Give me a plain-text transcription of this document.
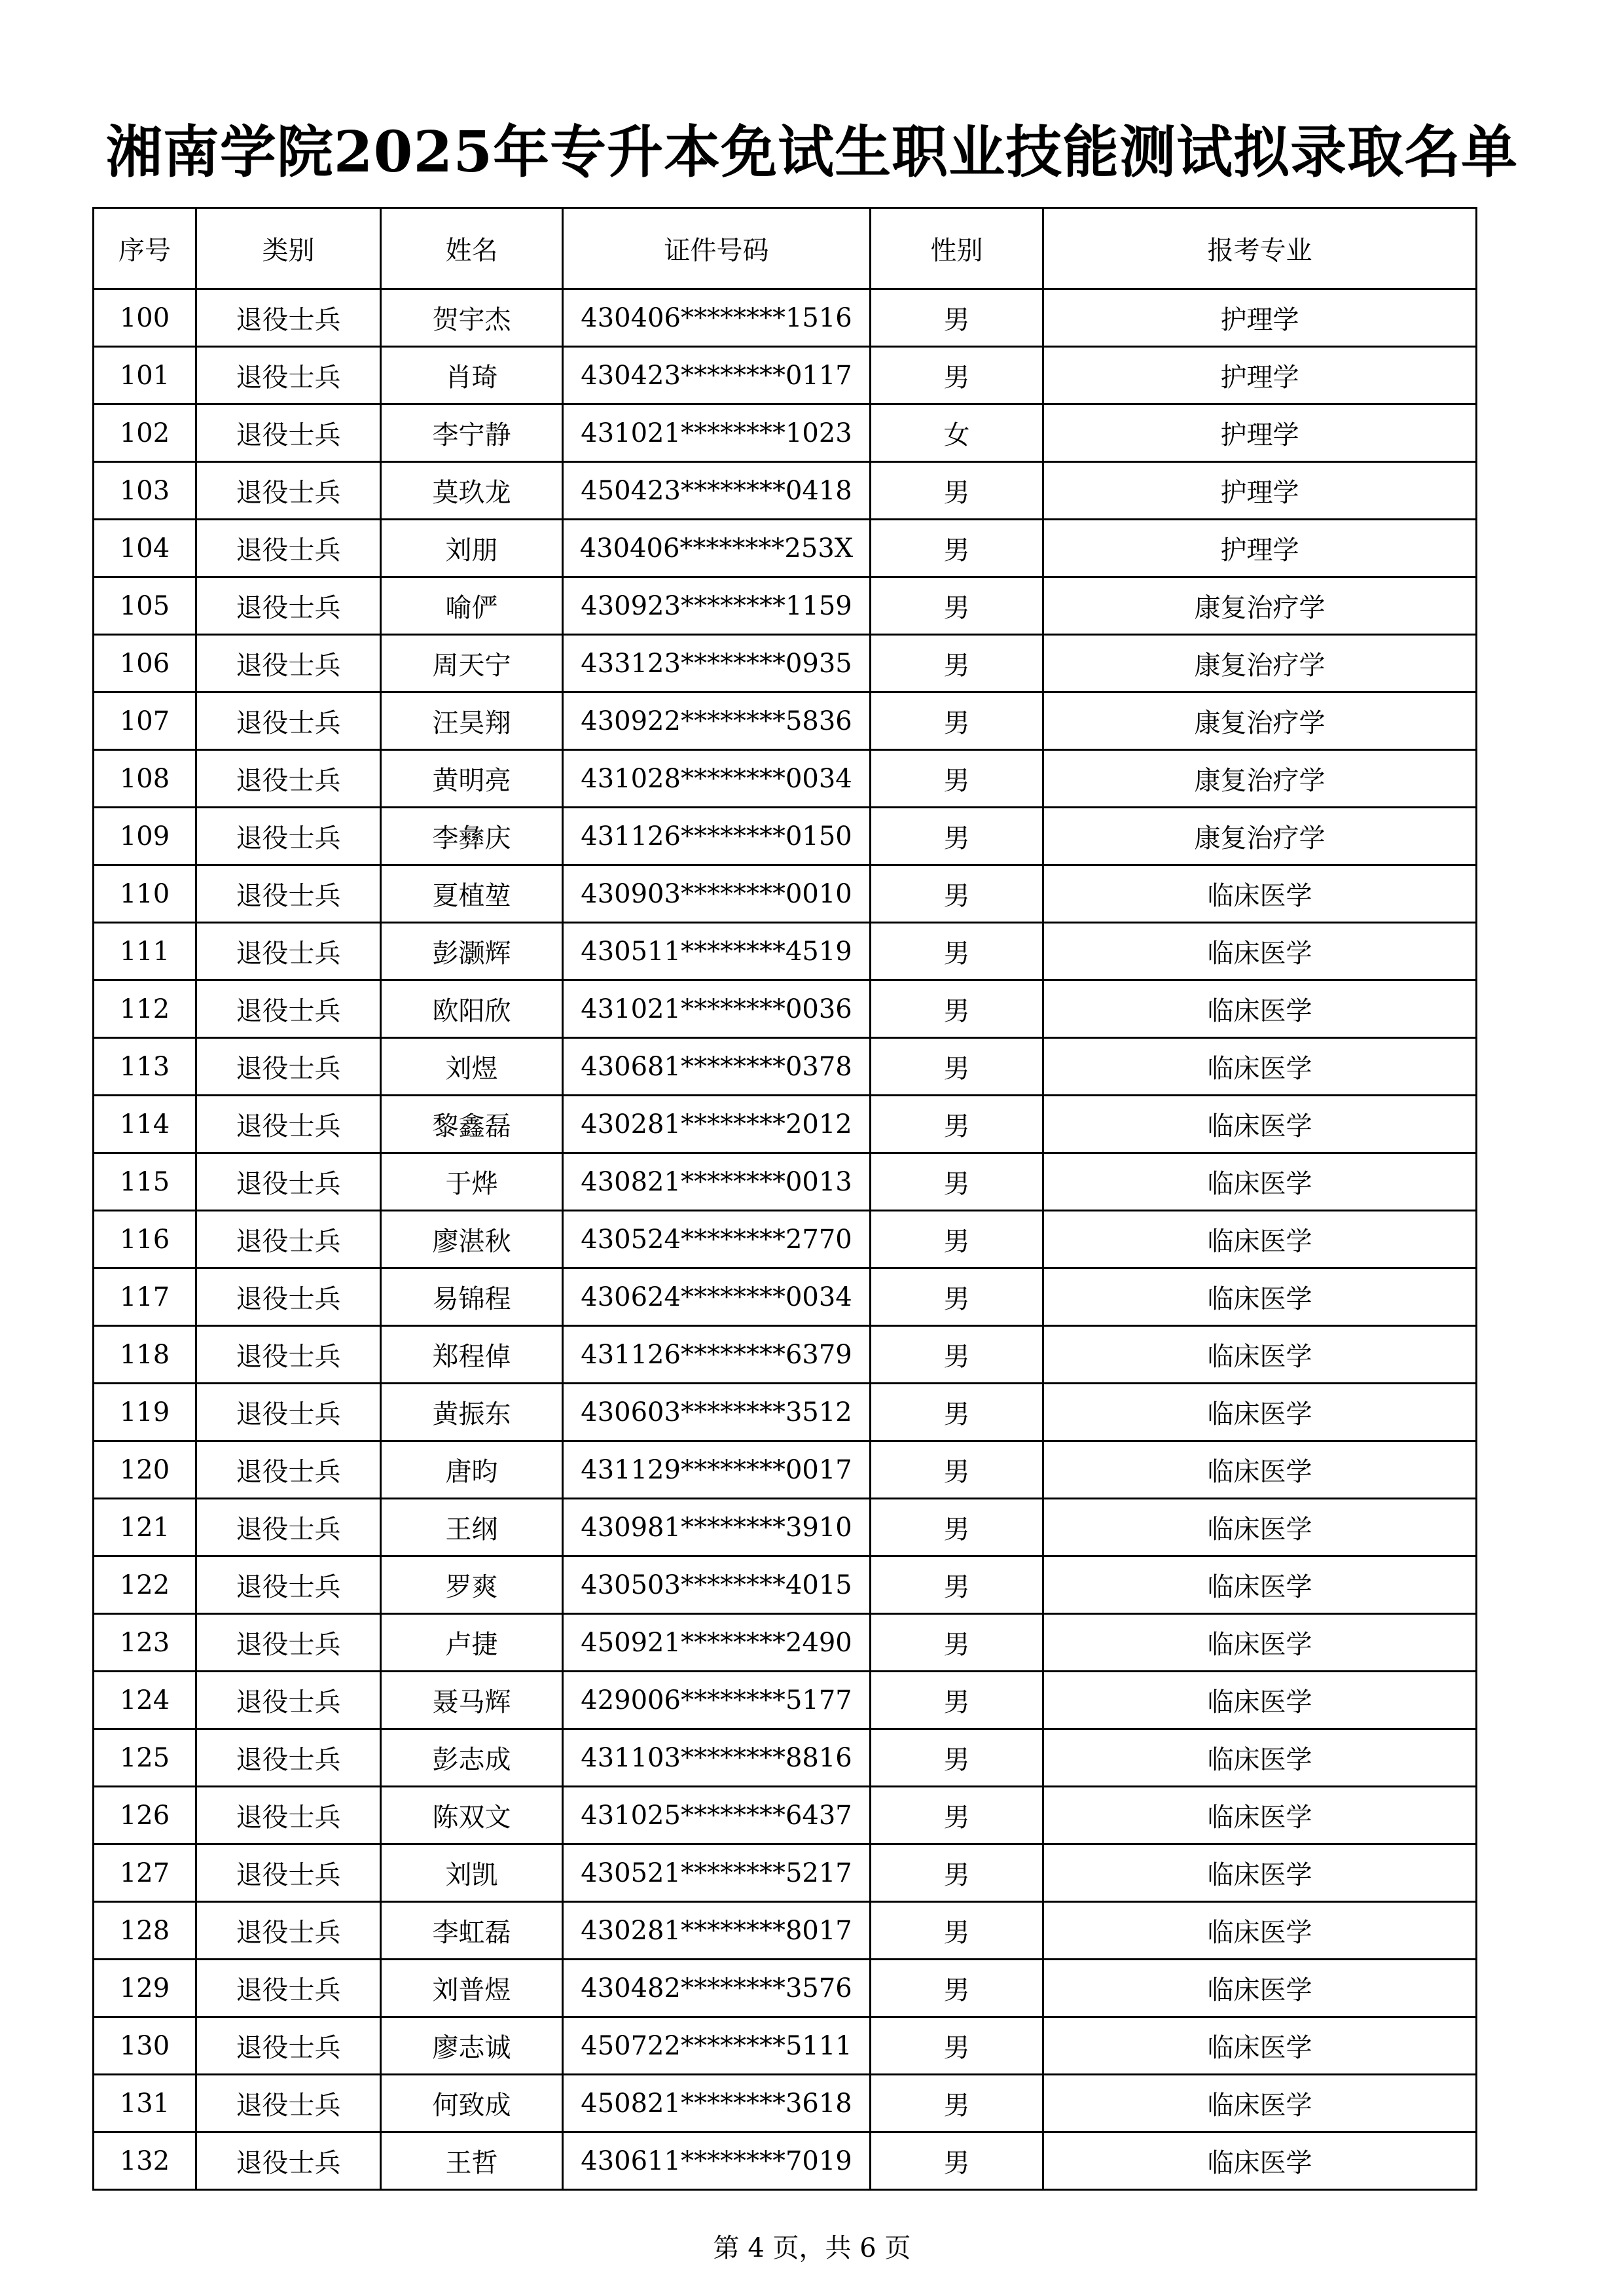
湘南学院2025年专升本免试生职业技能测试拟录取名单
序号	类别	姓名	证件号码	性别	报考专业
100	退役士兵	贺宇杰	430406********1516	男	护理学
101	退役士兵	肖琦	430423********0117	男	护理学
102	退役士兵	李宁静	431021********1023	女	护理学
103	退役士兵	莫玖龙	450423********0418	男	护理学
104	退役士兵	刘朋	430406********253X	男	护理学
105	退役士兵	喻俨	430923********1159	男	康复治疗学
106	退役士兵	周天宁	433123********0935	男	康复治疗学
107	退役士兵	汪昊翔	430922********5836	男	康复治疗学
108	退役士兵	黄明亮	431028********0034	男	康复治疗学
109	退役士兵	李彝庆	431126********0150	男	康复治疗学
110	退役士兵	夏植堃	430903********0010	男	临床医学
111	退役士兵	彭灏辉	430511********4519	男	临床医学
112	退役士兵	欧阳欣	431021********0036	男	临床医学
113	退役士兵	刘煜	430681********0378	男	临床医学
114	退役士兵	黎鑫磊	430281********2012	男	临床医学
115	退役士兵	于烨	430821********0013	男	临床医学
116	退役士兵	廖湛秋	430524********2770	男	临床医学
117	退役士兵	易锦程	430624********0034	男	临床医学
118	退役士兵	郑程倬	431126********6379	男	临床医学
119	退役士兵	黄振东	430603********3512	男	临床医学
120	退役士兵	唐昀	431129********0017	男	临床医学
121	退役士兵	王纲	430981********3910	男	临床医学
122	退役士兵	罗爽	430503********4015	男	临床医学
123	退役士兵	卢捷	450921********2490	男	临床医学
124	退役士兵	聂马辉	429006********5177	男	临床医学
125	退役士兵	彭志成	431103********8816	男	临床医学
126	退役士兵	陈双文	431025********6437	男	临床医学
127	退役士兵	刘凯	430521********5217	男	临床医学
128	退役士兵	李虹磊	430281********8017	男	临床医学
129	退役士兵	刘普煜	430482********3576	男	临床医学
130	退役士兵	廖志诚	450722********5111	男	临床医学
131	退役士兵	何致成	450821********3618	男	临床医学
132	退役士兵	王哲	430611********7019	男	临床医学
第 4 页，共 6 页
